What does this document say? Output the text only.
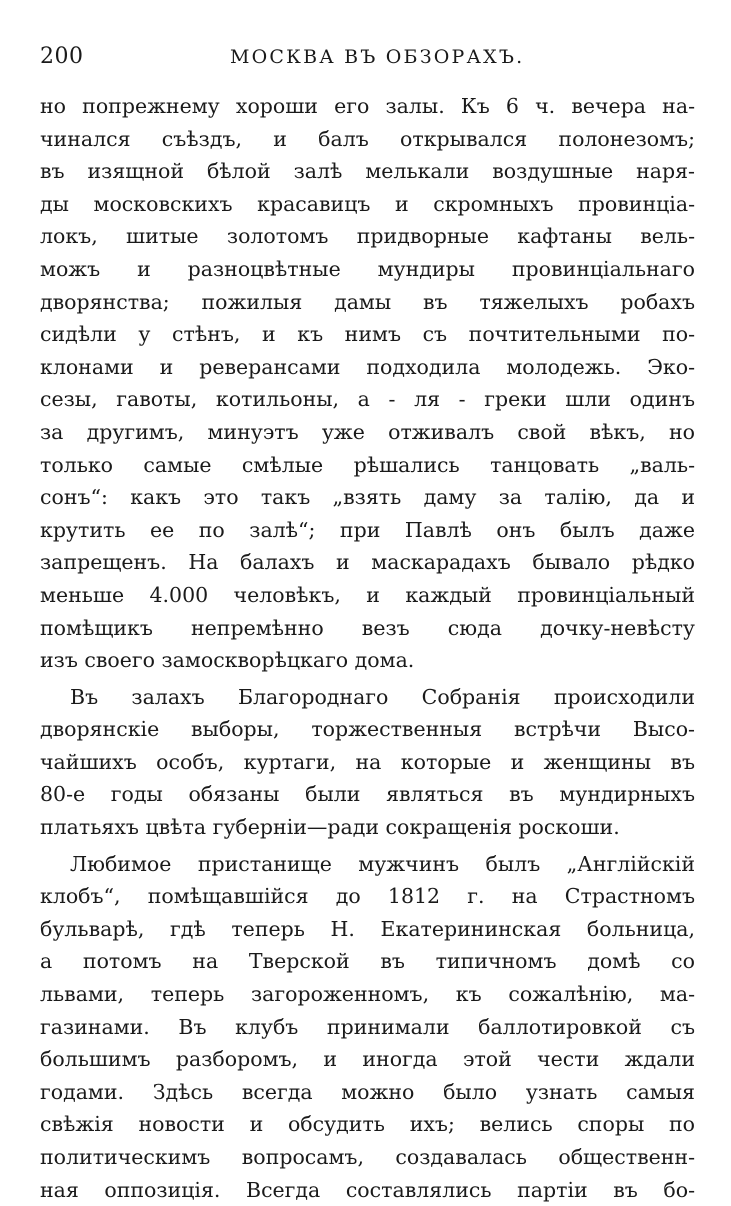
200	МОСКВА ВЪ ОБЗОРАХЪ.
но попрежнему хороши его залы. Къ 6 ч. вечера на-
чинался съѣздъ, и балъ открывался полонезомъ;
въ изящной бѣлой залѣ мелькали воздушные наря-
ды московскихъ красавицъ и скромныхъ провинціа-
локъ, шитые золотомъ придворные кафтаны вель-
можъ и разноцвѣтные мундиры провинціальнаго
дворянства; пожилыя дамы въ тяжелыхъ робахъ
сидѣли у стѣнъ, и къ нимъ съ почтительными по-
клонами и реверансами подходила молодежь. Эко-
сезы, гавоты, котильоны, а - ля - греки шли одинъ
за другимъ, минуэтъ уже отживалъ свой вѣкъ, но
только самые смѣлые рѣшались танцовать „валь-
сонъ“: какъ это такъ „взять даму за талію, да и
крутить ее по залѣ“; при Павлѣ онъ былъ даже
запрещенъ. На балахъ и маскарадахъ бывало рѣдко
меньше 4.000 человѣкъ, и каждый провинціальный
помѣщикъ непремѣнно везъ сюда дочку-невѣсту
изъ своего замоскворѣцкаго дома.
Въ залахъ Благороднаго Собранія происходили
дворянскіе выборы, торжественныя встрѣчи Высо-
чайшихъ особъ, куртаги, на которые и женщины въ
80-е годы обязаны были являться въ мундирныхъ
платьяхъ цвѣта губерніи—ради сокращенія роскоши.
Любимое пристанище мужчинъ былъ „Англійскій
клобъ“, помѣщавшійся до 1812 г. на Страстномъ
бульварѣ, гдѣ теперь Н. Екатерининская больница,
а потомъ на Тверской въ типичномъ домѣ со
львами, теперь загороженномъ, къ сожалѣнію, ма-
газинами. Въ клубъ принимали баллотировкой съ
большимъ разборомъ, и иногда этой чести ждали
годами. Здѣсь всегда можно было узнать самыя
свѣжія новости и обсудить ихъ; велись споры по
политическимъ вопросамъ, создавалась общественн-
ная оппозиція. Всегда составлялись партіи въ бо-
